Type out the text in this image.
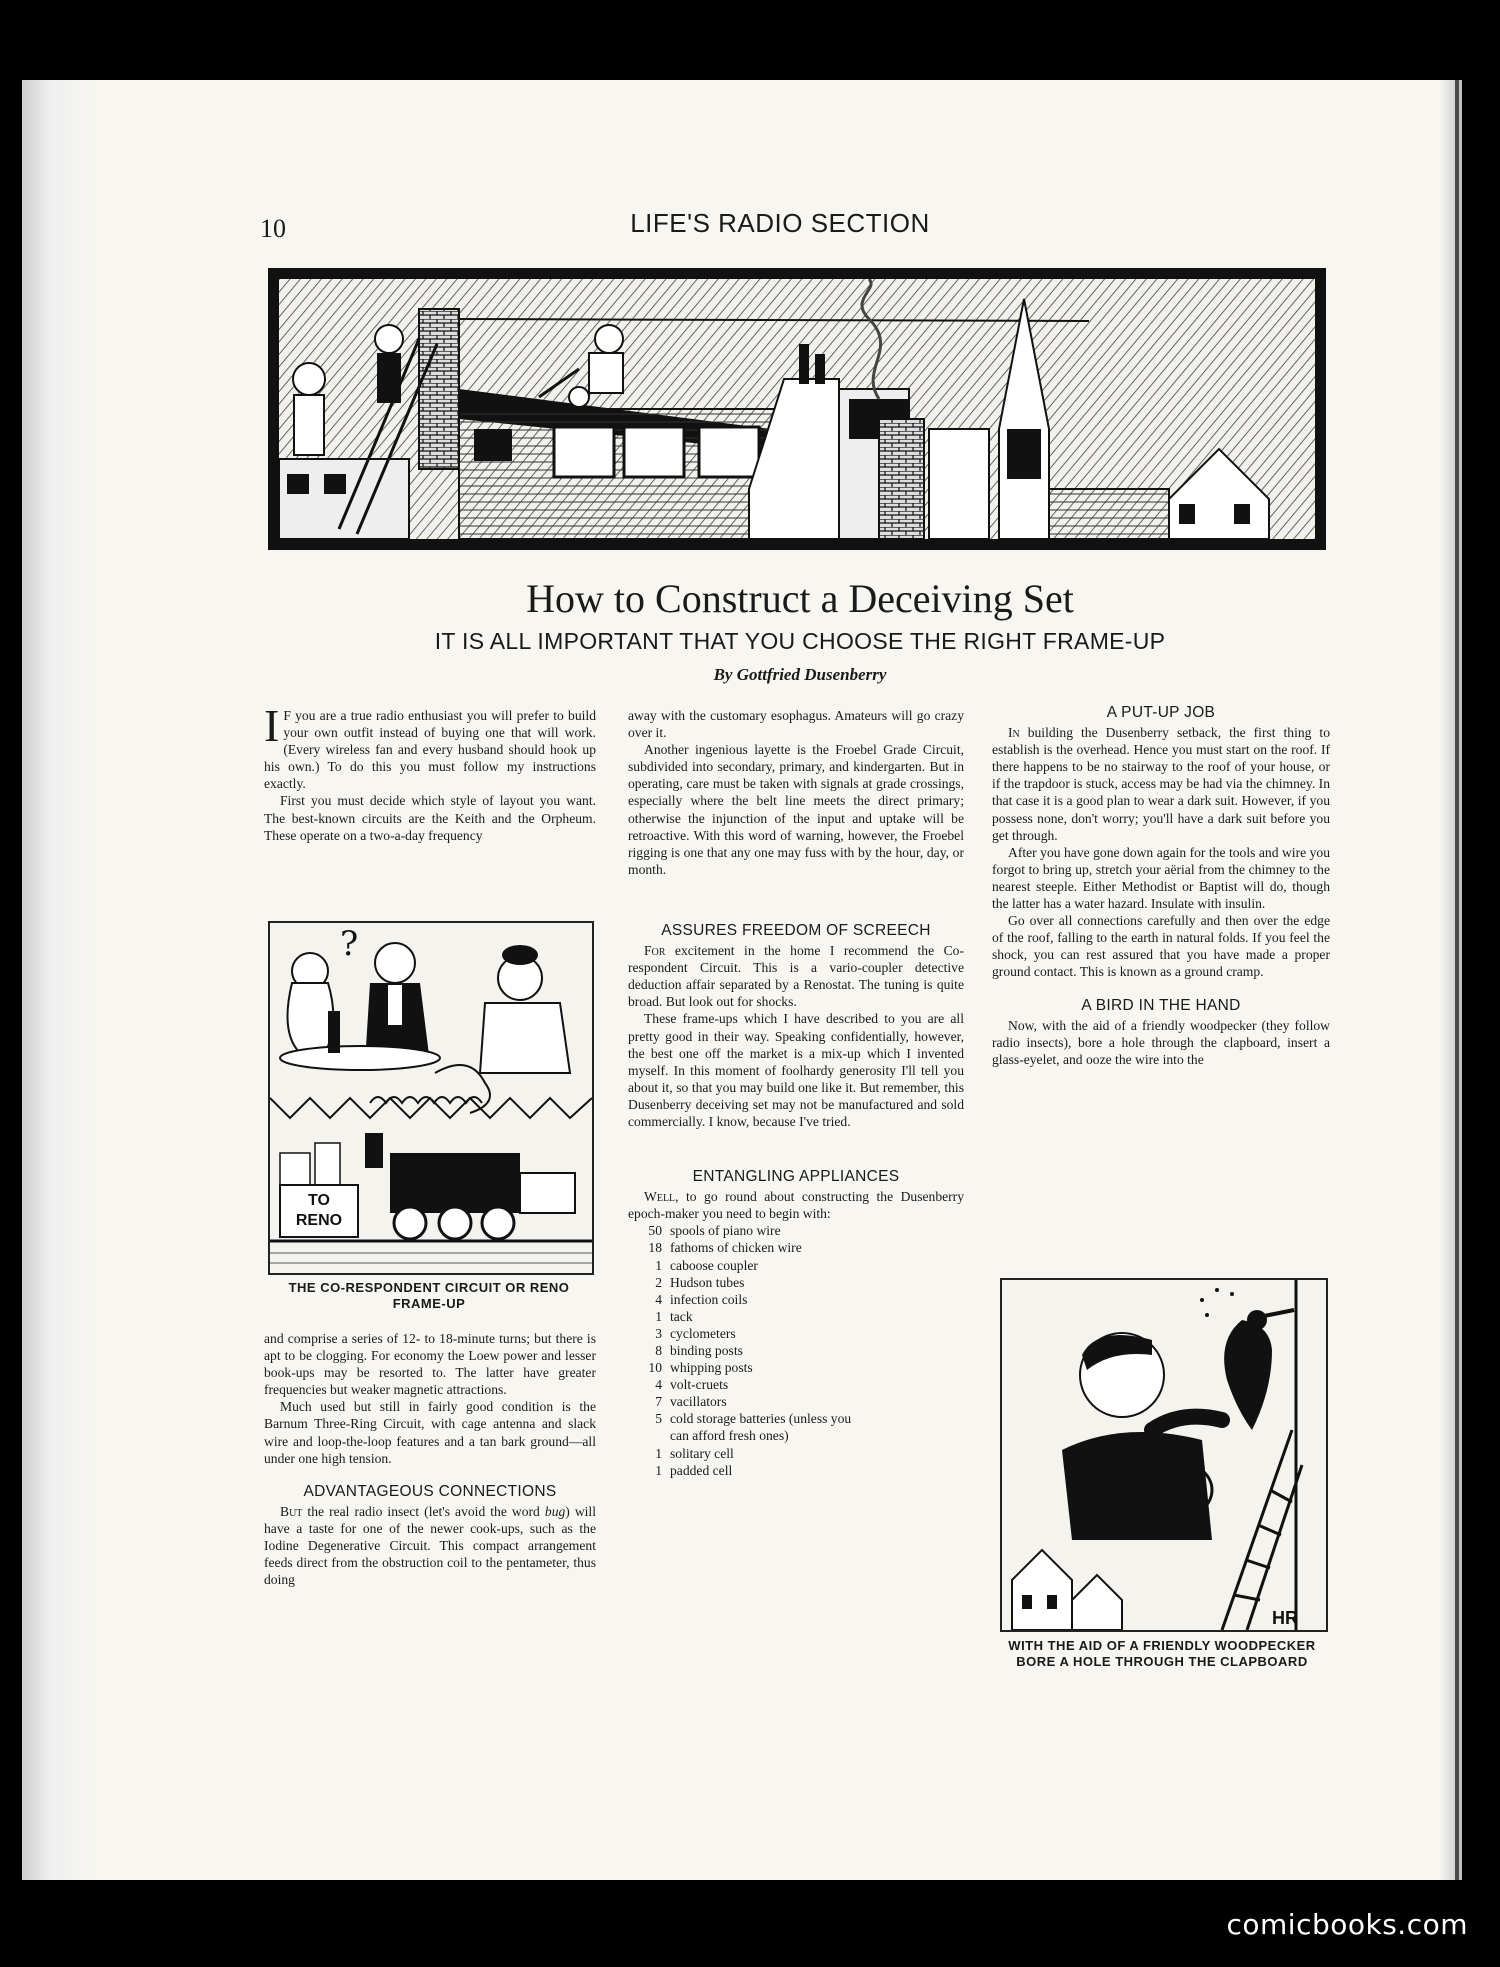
10	LIFE'S RADIO SECTION
How to Construct a Deceiving Set
IT IS ALL IMPORTANT THAT YOU CHOOSE THE RIGHT FRAME-UP
By Gottfried Dusenberry

I F you are a true radio enthusiast you will prefer to build your own outfit instead of buying one that will work. (Every wireless fan and every husband should hook up his own.) To do this you must follow my instructions exactly.

First you must decide which style of layout you want. The best-known circuits are the Keith and the Orpheum. These operate on a two-a-day frequency

?
TO
RENO
THE CO-RESPONDENT CIRCUIT OR RENO FRAME-UP

and comprise a series of 12- to 18-minute turns; but there is apt to be clogging. For economy the Loew power and lesser book-ups may be resorted to. The latter have greater frequencies but weaker magnetic attractions.

Much used but still in fairly good condition is the Barnum Three-Ring Circuit, with cage antenna and slack wire and loop-the-loop features and a tan bark ground—all under one high tension.

ADVANTAGEOUS CONNECTIONS

But the real radio insect (let's avoid the word bug) will have a taste for one of the newer cook-ups, such as the Iodine Degenerative Circuit. This compact arrangement feeds direct from the obstruction coil to the pentameter, thus doing

away with the customary esophagus. Amateurs will go crazy over it.

Another ingenious layette is the Froebel Grade Circuit, subdivided into secondary, primary, and kindergarten. But in operating, care must be taken with signals at grade crossings, especially where the belt line meets the direct primary; otherwise the injunction of the input and uptake will be retroactive. With this word of warning, however, the Froebel rigging is one that any one may fuss with by the hour, day, or month.

ASSURES FREEDOM OF SCREECH

For excitement in the home I recommend the Co-respondent Circuit. This is a vario-coupler detective deduction affair separated by a Renostat. The tuning is quite broad. But look out for shocks.

These frame-ups which I have described to you are all pretty good in their way. Speaking confidentially, however, the best one off the market is a mix-up which I invented myself. In this moment of foolhardy generosity I'll tell you about it, so that you may build one like it. But remember, this Dusenberry deceiving set may not be manufactured and sold commercially. I know, because I've tried.

ENTANGLING APPLIANCES

Well, to go round about constructing the Dusenberry epoch-maker you need to begin with:

50 spools of piano wire
18 fathoms of chicken wire
1 caboose coupler
2 Hudson tubes
4 infection coils
1 tack
3 cyclometers
8 binding posts
10 whipping posts
4 volt-cruets
7 vacillators
5 cold storage batteries (unless you
can afford fresh ones)
1 solitary cell
1 padded cell
A PUT-UP JOB

In building the Dusenberry setback, the first thing to establish is the overhead. Hence you must start on the roof. If there happens to be no stairway to the roof of your house, or if the trapdoor is stuck, access may be had via the chimney. In that case it is a good plan to wear a dark suit. However, if you possess none, don't worry; you'll have a dark suit before you get through.

After you have gone down again for the tools and wire you forgot to bring up, stretch your aërial from the chimney to the nearest steeple. Either Methodist or Baptist will do, though the latter has a water hazard. Insulate with insulin.

Go over all connections carefully and then over the edge of the roof, falling to the earth in natural folds. If you feel the shock, you can rest assured that you have made a proper ground contact. This is known as a ground cramp.

A BIRD IN THE HAND

Now, with the aid of a friendly woodpecker (they follow radio insects), bore a hole through the clapboard, insert a glass-eyelet, and ooze the wire into the

HR
WITH THE AID OF A FRIENDLY WOODPECKER BORE A HOLE THROUGH THE CLAPBOARD
comicbooks.com
